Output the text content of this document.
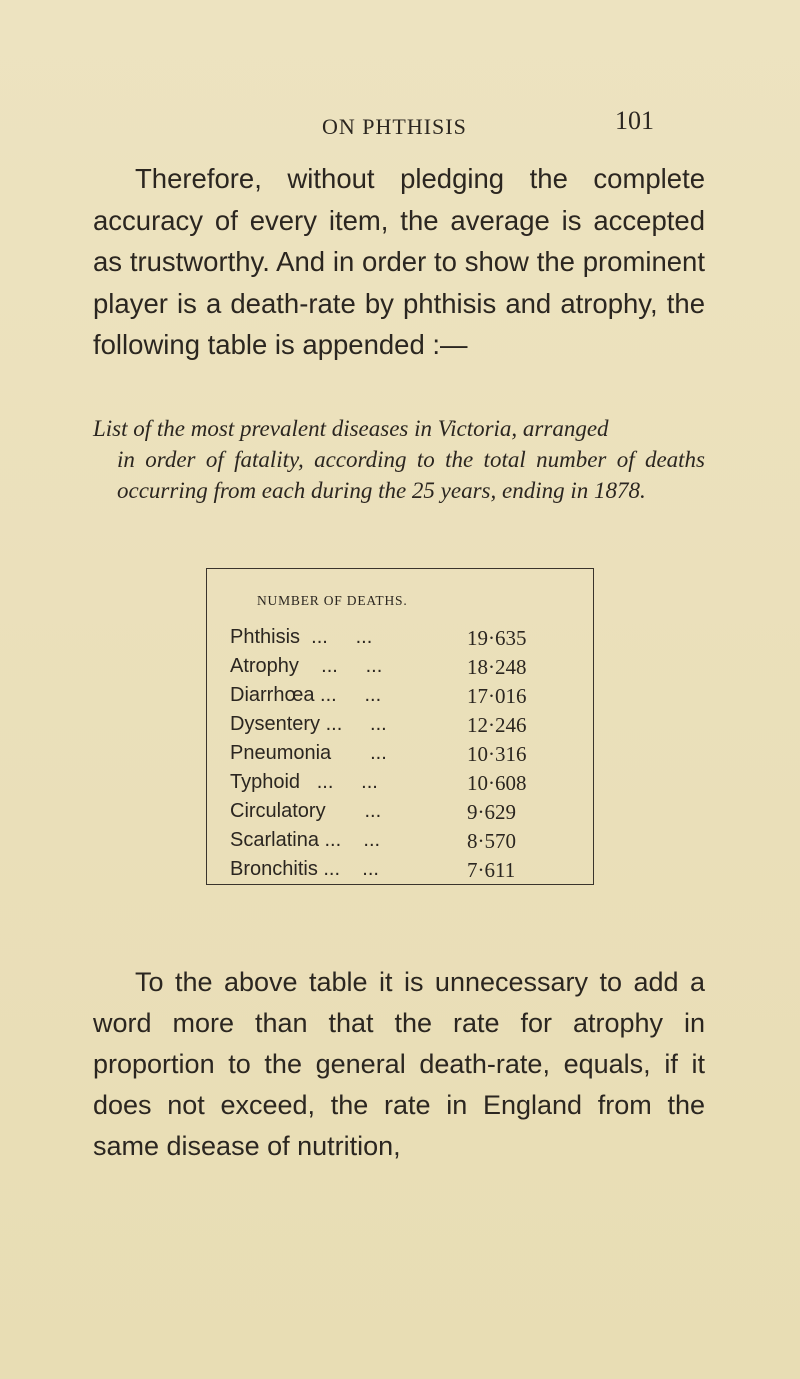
ON PHTHISIS	101
Therefore, without pledging the complete accuracy of every item, the average is accepted as trustworthy. And in order to show the prominent player is a death-rate by phthisis and atrophy, the following table is appended :—
List of the most prevalent diseases in Victoria, arranged
in order of fatality, according to the total number of deaths occurring from each during the 25 years, ending in 1878.
NUMBER OF DEATHS.
Phthisis  ...     ...	19·635
Atrophy    ...     ...	18·248
Diarrhœa ...     ...	17·016
Dysentery ...     ...	12·246
Pneumonia       ...	10·316
Typhoid   ...     ...	10·608
Circulatory       ...	9·629
Scarlatina ...    ...	8·570
Bronchitis ...    ...	7·611
To the above table it is unnecessary to add a word more than that the rate for atrophy in proportion to the general death-rate, equals, if it does not exceed, the rate in England from the same disease of nutrition,
